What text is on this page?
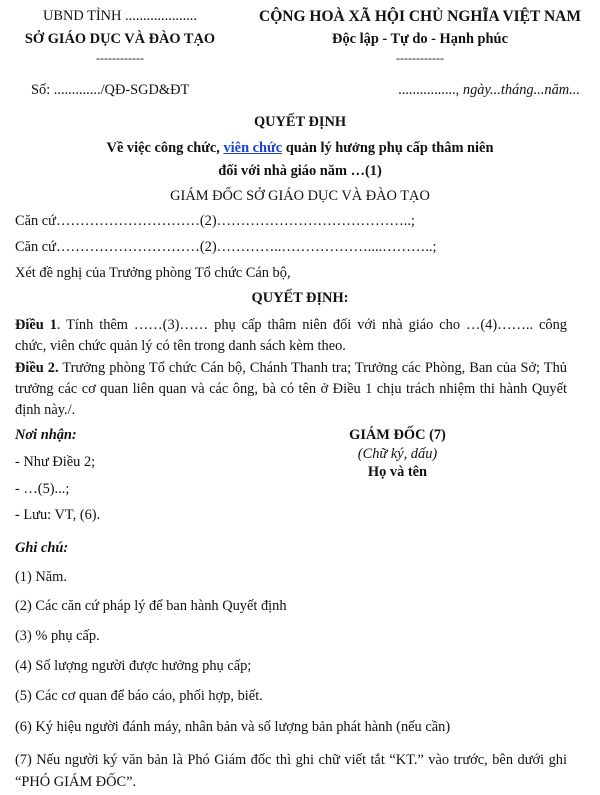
UBND TỈNH ....................
SỞ GIÁO DỤC VÀ ĐÀO TẠO
------------
CỘNG HOÀ XÃ HỘI CHỦ NGHĨA VIỆT NAM
Độc lập - Tự do - Hạnh phúc
------------
Số: ............./QĐ-SGD&ĐT	................, ngày...tháng...năm...
QUYẾT ĐỊNH
Về việc công chức, viên chức quản lý hưởng phụ cấp thâm niên
đối với nhà giáo năm …(1)
GIÁM ĐỐC SỞ GIÁO DỤC VÀ ĐÀO TẠO
Căn cứ…………………………(2)…………………………………..;
Căn cứ…………………………(2)…………..………………....………..;
Xét đề nghị của Trưởng phòng Tổ chức Cán bộ,
QUYẾT ĐỊNH:
Điều 1. Tính thêm ……(3)…… phụ cấp thâm niên đối với nhà giáo cho …(4)…….. công chức, viên chức quản lý có tên trong danh sách kèm theo.
Điều 2. Trưởng phòng Tổ chức Cán bộ, Chánh Thanh tra; Trưởng các Phòng, Ban của Sở; Thủ trưởng các cơ quan liên quan và các ông, bà có tên ở Điều 1 chịu trách nhiệm thi hành Quyết định này./.
Nơi nhận:
- Như Điều 2;
- …(5)...;
- Lưu: VT, (6).
GIÁM ĐỐC (7)
(Chữ ký, dấu)
Họ và tên
Ghi chú:
(1) Năm.
(2) Các căn cứ pháp lý để ban hành Quyết định
(3) % phụ cấp.
(4) Số lượng người được hưởng phụ cấp;
(5) Các cơ quan để báo cáo, phối hợp, biết.
(6) Ký hiệu người đánh máy, nhân bản và số lượng bản phát hành (nếu cần)
(7) Nếu người ký văn bản là Phó Giám đốc thì ghi chữ viết tắt “KT.” vào trước, bên dưới ghi “PHÓ GIÁM ĐỐC”.
